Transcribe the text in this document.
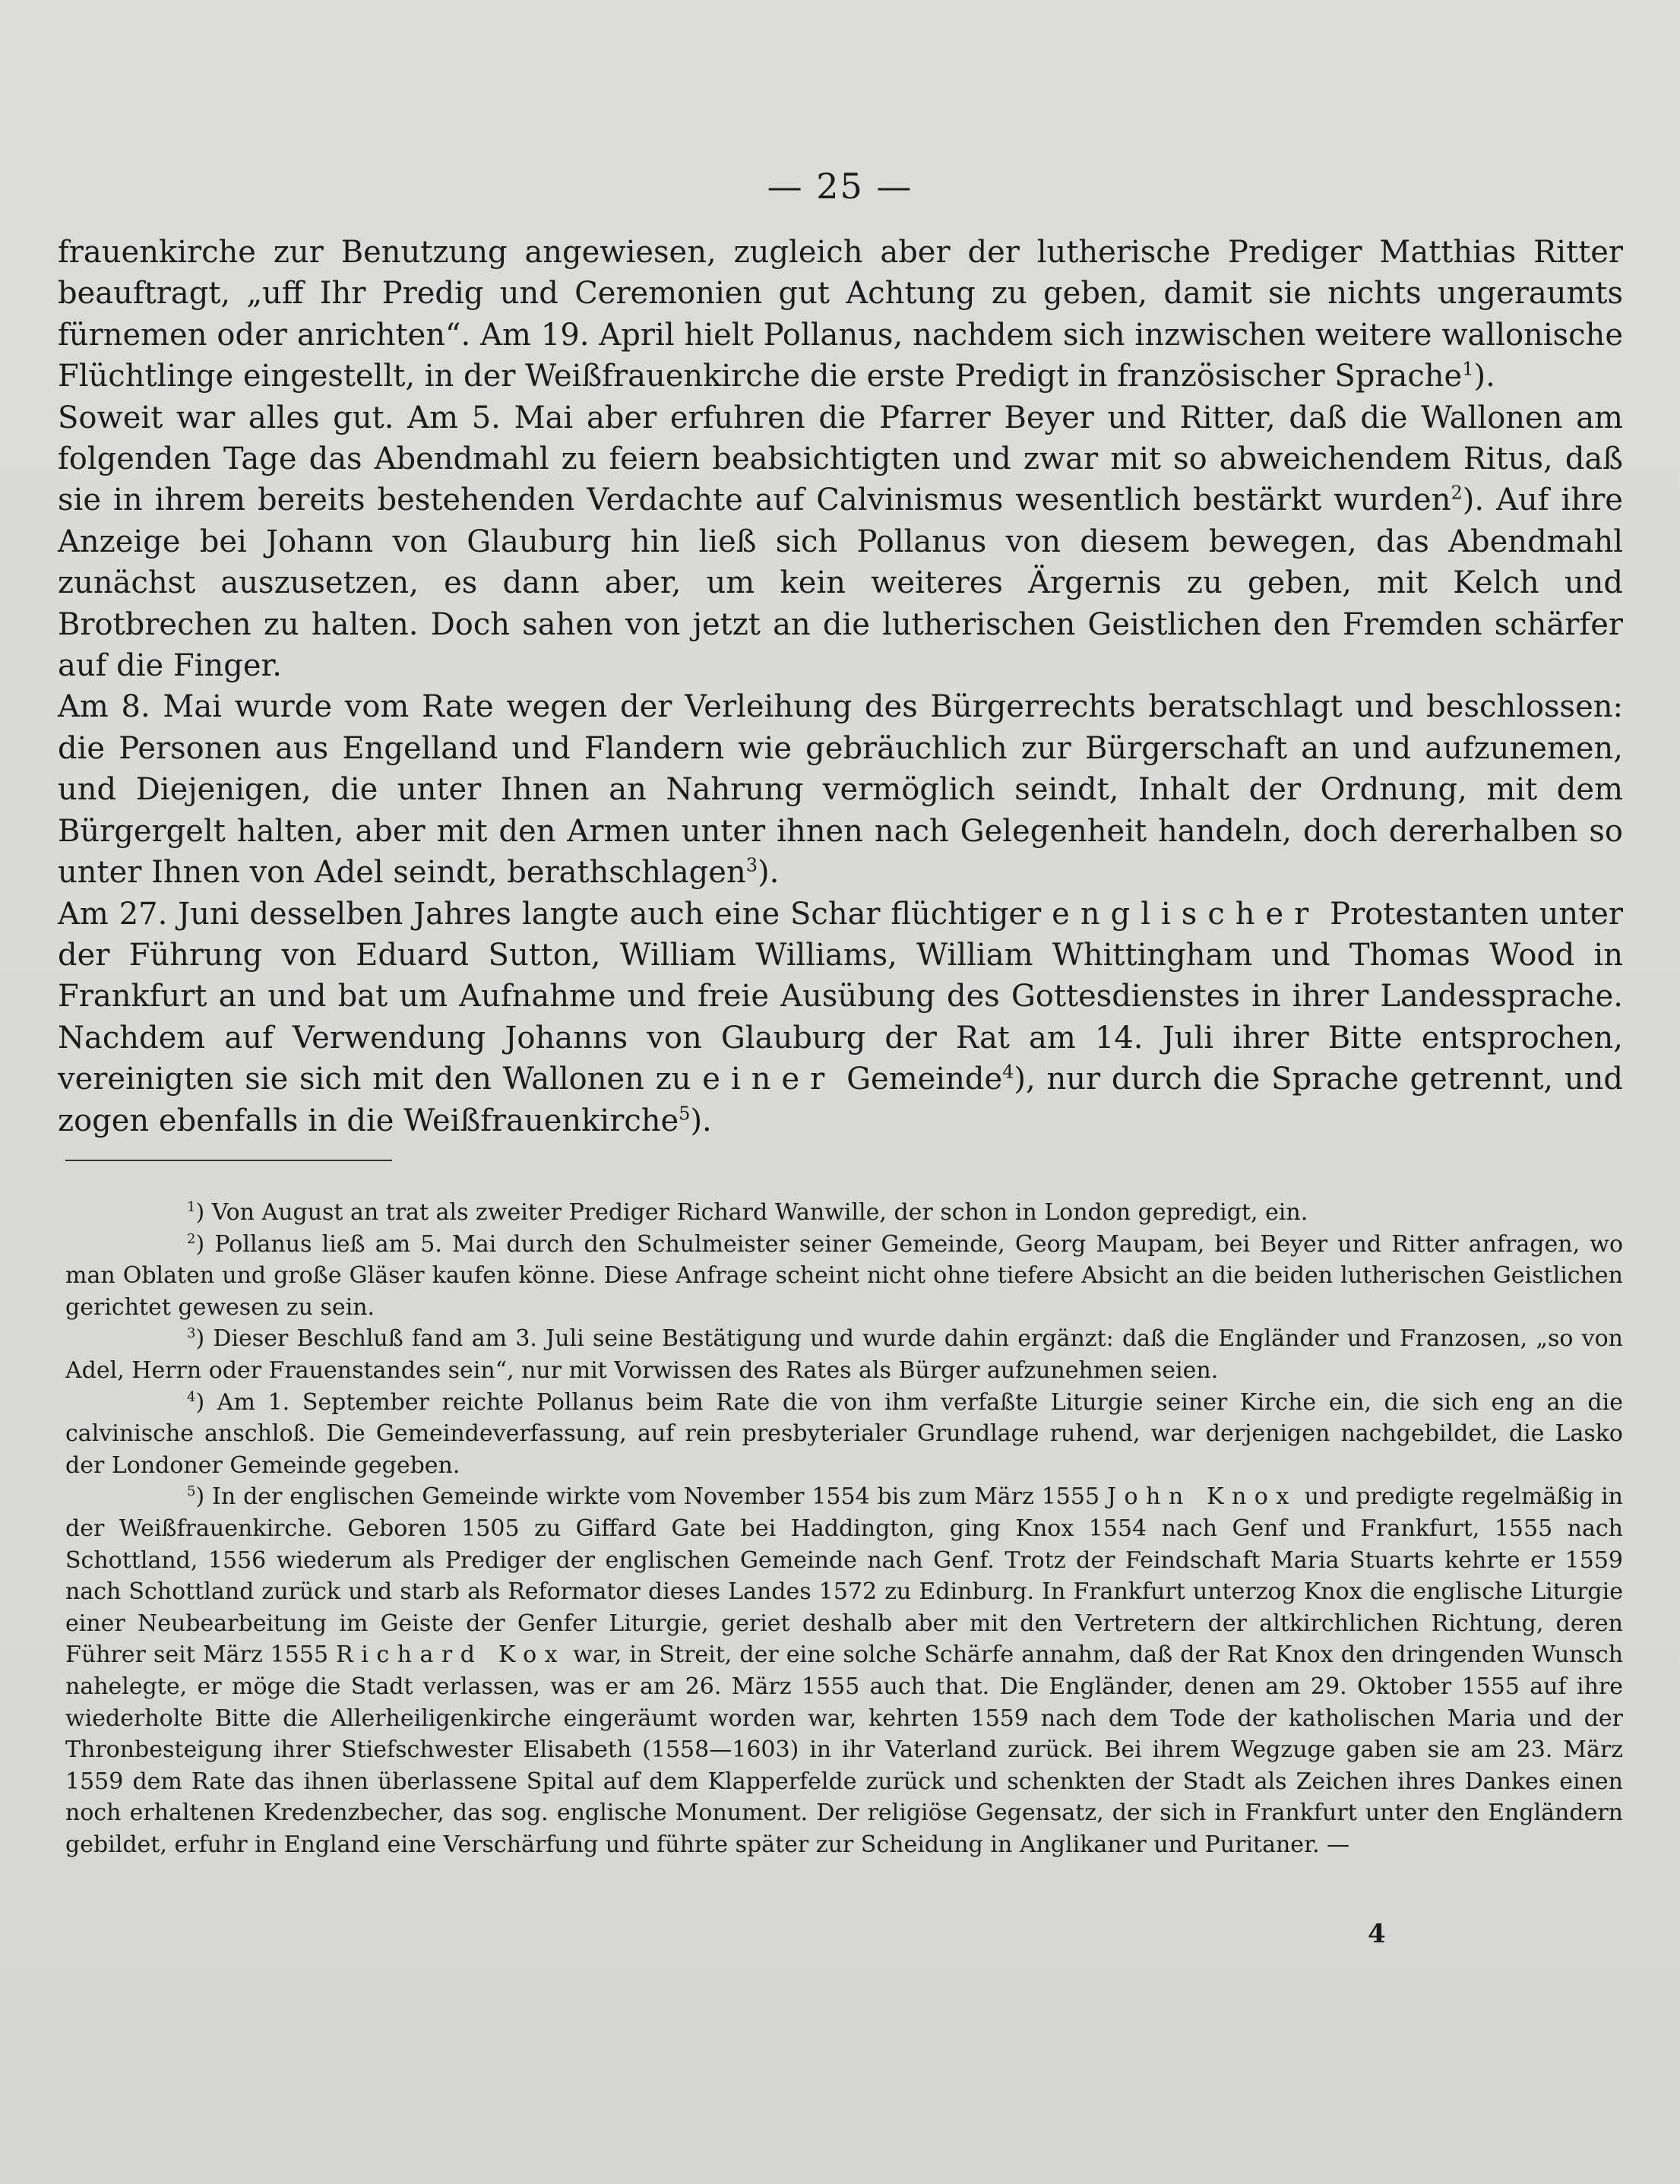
— 25 —

frauenkirche zur Benutzung angewiesen, zugleich aber der lutherische Prediger Matthias Ritter beauftragt, „uff Ihr Predig und Ceremonien gut Achtung zu geben, damit sie nichts ungeraumts fürnemen oder anrichten“. Am 19. April hielt Pollanus, nachdem sich inzwischen weitere wallonische Flüchtlinge eingestellt, in der Weißfrauenkirche die erste Predigt in französischer Sprache$^1$).

Soweit war alles gut. Am 5. Mai aber erfuhren die Pfarrer Beyer und Ritter, daß die Wallonen am folgenden Tage das Abendmahl zu feiern beabsichtigten und zwar mit so abweichendem Ritus, daß sie in ihrem bereits bestehenden Verdachte auf Calvinismus wesentlich bestärkt wurden$^2$). Auf ihre Anzeige bei Johann von Glauburg hin ließ sich Pollanus von diesem bewegen, das Abendmahl zunächst auszusetzen, es dann aber, um kein weiteres Ärgernis zu geben, mit Kelch und Brotbrechen zu halten. Doch sahen von jetzt an die lutherischen Geistlichen den Fremden schärfer auf die Finger.

Am 8. Mai wurde vom Rate wegen der Verleihung des Bürgerrechts beratschlagt und beschlossen: die Personen aus Engelland und Flandern wie gebräuchlich zur Bürgerschaft an und aufzunemen, und Diejenigen, die unter Ihnen an Nahrung vermöglich seindt, Inhalt der Ordnung, mit dem Bürgergelt halten, aber mit den Armen unter ihnen nach Gelegenheit handeln, doch dererhalben so unter Ihnen von Adel seindt, berathschlagen$^3$).

Am 27. Juni desselben Jahres langte auch eine Schar flüchtiger englischer Protestanten unter der Führung von Eduard Sutton, William Williams, William Whittingham und Thomas Wood in Frankfurt an und bat um Aufnahme und freie Ausübung des Gottesdienstes in ihrer Landessprache. Nachdem auf Verwendung Johanns von Glauburg der Rat am 14. Juli ihrer Bitte entsprochen, vereinigten sie sich mit den Wallonen zu einer Gemeinde$^4$), nur durch die Sprache getrennt, und zogen ebenfalls in die Weißfrauenkirche$^5$).

$^1$) Von August an trat als zweiter Prediger Richard Wanwille, der schon in London gepredigt, ein.

$^2$) Pollanus ließ am 5. Mai durch den Schulmeister seiner Gemeinde, Georg Maupam, bei Beyer und Ritter anfragen, wo man Oblaten und große Gläser kaufen könne. Diese Anfrage scheint nicht ohne tiefere Absicht an die beiden lutherischen Geistlichen gerichtet gewesen zu sein.

$^3$) Dieser Beschluß fand am 3. Juli seine Bestätigung und wurde dahin ergänzt: daß die Engländer und Franzosen, „so von Adel, Herrn oder Frauenstandes sein“, nur mit Vorwissen des Rates als Bürger aufzunehmen seien.

$^4$) Am 1. September reichte Pollanus beim Rate die von ihm verfaßte Liturgie seiner Kirche ein, die sich eng an die calvinische anschloß. Die Gemeindeverfassung, auf rein presbyterialer Grundlage ruhend, war derjenigen nachgebildet, die Lasko der Londoner Gemeinde gegeben.

$^5$) In der englischen Gemeinde wirkte vom November 1554 bis zum März 1555 John Knox und predigte regelmäßig in der Weißfrauenkirche. Geboren 1505 zu Giffard Gate bei Haddington, ging Knox 1554 nach Genf und Frankfurt, 1555 nach Schottland, 1556 wiederum als Prediger der englischen Gemeinde nach Genf. Trotz der Feindschaft Maria Stuarts kehrte er 1559 nach Schottland zurück und starb als Reformator dieses Landes 1572 zu Edinburg. In Frankfurt unterzog Knox die englische Liturgie einer Neubearbeitung im Geiste der Genfer Liturgie, geriet deshalb aber mit den Vertretern der altkirchlichen Richtung, deren Führer seit März 1555 Richard Kox war, in Streit, der eine solche Schärfe annahm, daß der Rat Knox den dringenden Wunsch nahelegte, er möge die Stadt verlassen, was er am 26. März 1555 auch that. Die Engländer, denen am 29. Oktober 1555 auf ihre wiederholte Bitte die Allerheiligenkirche eingeräumt worden war, kehrten 1559 nach dem Tode der katholischen Maria und der Thronbesteigung ihrer Stiefschwester Elisabeth (1558—1603) in ihr Vaterland zurück. Bei ihrem Wegzuge gaben sie am 23. März 1559 dem Rate das ihnen überlassene Spital auf dem Klapperfelde zurück und schenkten der Stadt als Zeichen ihres Dankes einen noch erhaltenen Kredenzbecher, das sog. englische Monument. Der religiöse Gegensatz, der sich in Frankfurt unter den Engländern gebildet, erfuhr in England eine Verschärfung und führte später zur Scheidung in Anglikaner und Puritaner. —

4
